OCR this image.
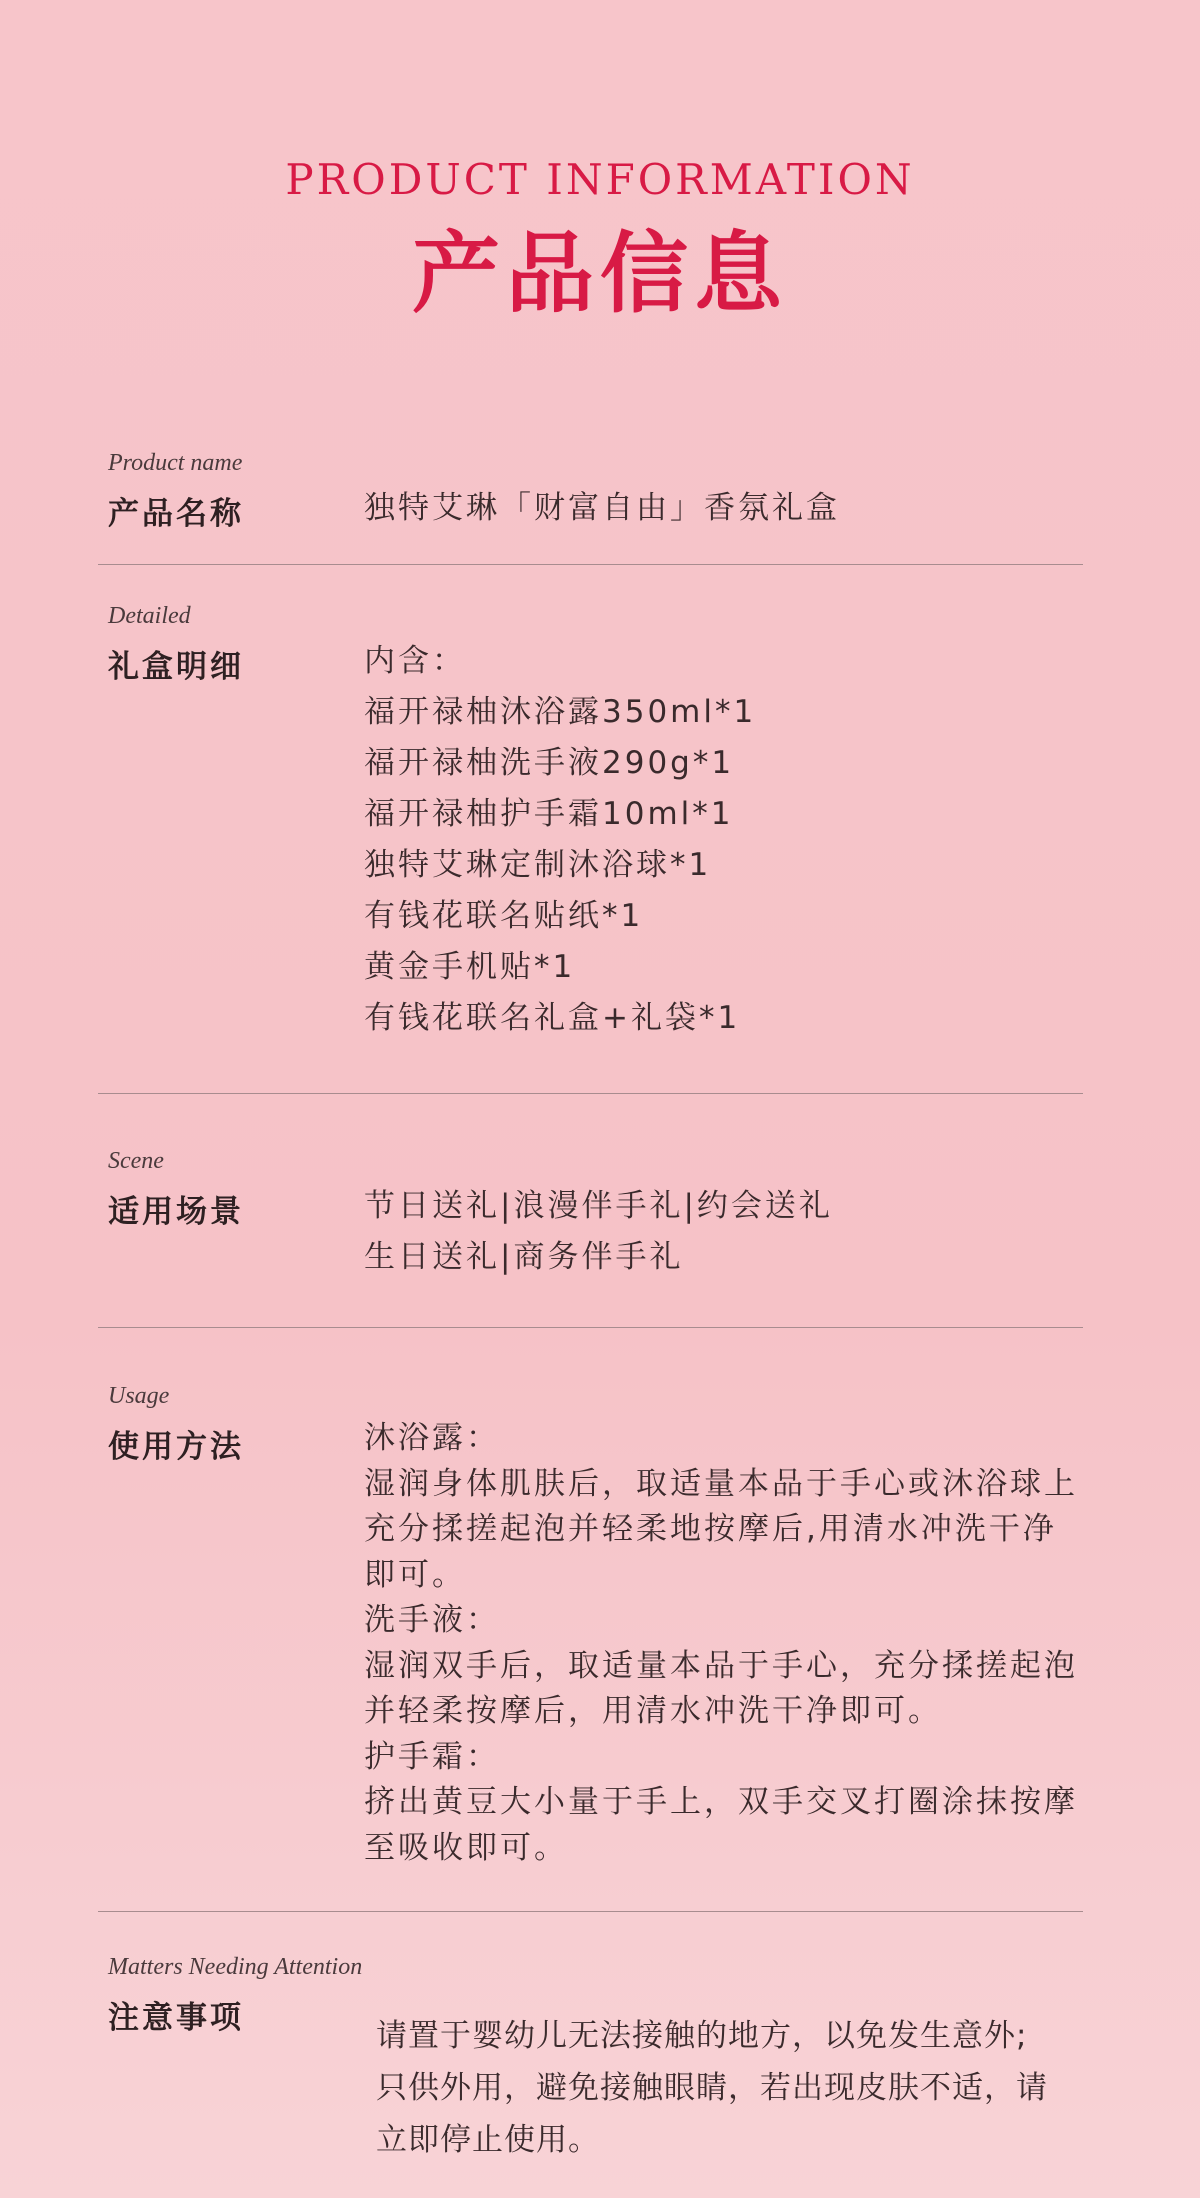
PRODUCT INFORMATION
产品信息
Product name
产品名称	独特艾琳「财富自由」香氛礼盒
Detailed
礼盒明细	内含：
福开禄柚沐浴露350ml*1
福开禄柚洗手液290g*1
福开禄柚护手霜10ml*1
独特艾琳定制沐浴球*1
有钱花联名贴纸*1
黄金手机贴*1
有钱花联名礼盒+礼袋*1
Scene
适用场景	节日送礼|浪漫伴手礼|约会送礼
生日送礼|商务伴手礼
Usage
使用方法	沐浴露：
湿润身体肌肤后，取适量本品于手心或沐浴球上
充分揉搓起泡并轻柔地按摩后,用清水冲洗干净
即可。
洗手液：
湿润双手后，取适量本品于手心，充分揉搓起泡
并轻柔按摩后，用清水冲洗干净即可。
护手霜：
挤出黄豆大小量于手上，双手交叉打圈涂抹按摩
至吸收即可。
Matters Needing Attention
注意事项	请置于婴幼儿无法接触的地方，以免发生意外;
只供外用，避免接触眼睛，若出现皮肤不适，请
立即停止使用。
